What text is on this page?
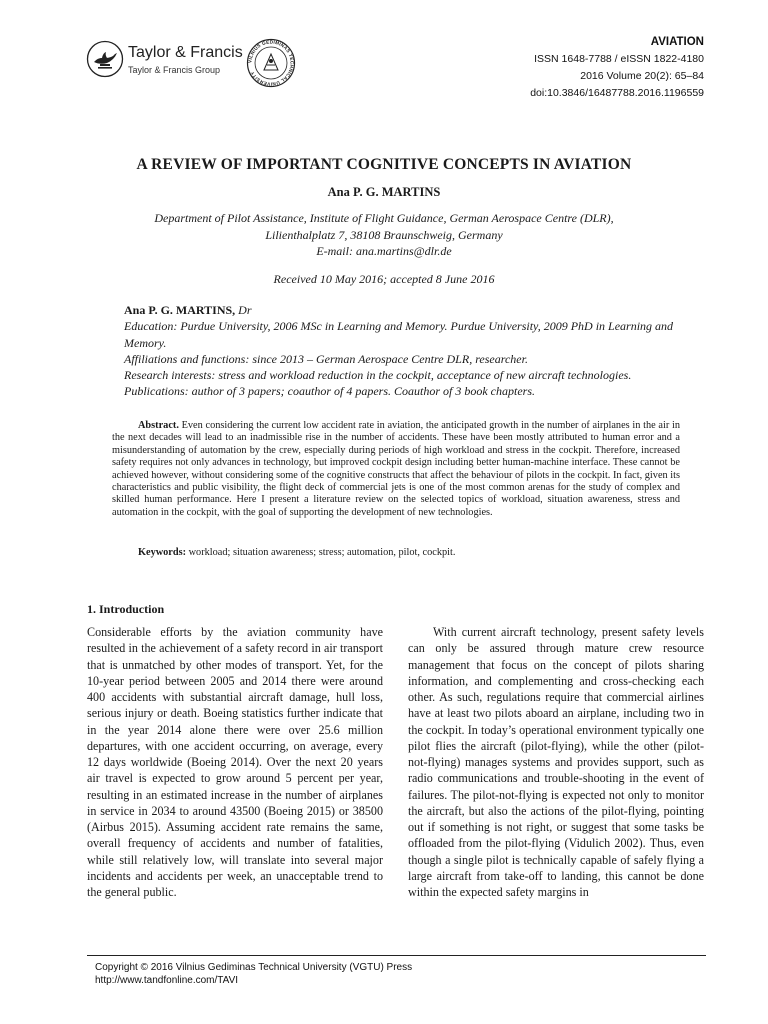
Taylor & Francis
Taylor & Francis Group
VILNIUS GEDIMINAS TECHNICAL UNIVERSITY
AVIATION
ISSN 1648-7788 / eISSN 1822-4180
2016 Volume 20(2): 65–84
doi:10.3846/16487788.2016.1196559
A REVIEW OF IMPORTANT COGNITIVE CONCEPTS IN AVIATION
Ana P. G. MARTINS
Department of Pilot Assistance, Institute of Flight Guidance, German Aerospace Centre (DLR),
Lilienthalplatz 7, 38108 Braunschweig, Germany
E-mail: ana.martins@dlr.de
Received 10 May 2016; accepted 8 June 2016
Ana P. G. MARTINS, Dr
Education: Purdue University, 2006 MSc in Learning and Memory. Purdue University, 2009 PhD in Learning and Memory.
Affiliations and functions: since 2013 – German Aerospace Centre DLR, researcher.
Research interests: stress and workload reduction in the cockpit, acceptance of new aircraft technologies.
Publications: author of 3 papers; coauthor of 4 papers. Coauthor of 3 book chapters.
Abstract. Even considering the current low accident rate in aviation, the anticipated growth in the number of airplanes in the air in the next decades will lead to an inadmissible rise in the number of accidents. These have been mostly attributed to human error and a misunderstanding of automation by the crew, especially during periods of high workload and stress in the cockpit. Therefore, increased safety requires not only advances in technology, but improved cockpit design including better human-machine interface. These cannot be achieved however, without considering some of the cognitive constructs that affect the behaviour of pilots in the cockpit. In fact, given its characteristics and public visibility, the flight deck of commercial jets is one of the most common arenas for the study of complex and skilled human performance. Here I present a literature review on the selected topics of workload, situation awareness, stress and automation in the cockpit, with the goal of supporting the development of new technologies.
Keywords: workload; situation awareness; stress; automation, pilot, cockpit.
1. Introduction
Considerable efforts by the aviation community have resulted in the achievement of a safety record in air transport that is unmatched by other modes of transport. Yet, for the 10-year period between 2005 and 2014 there were around 400 accidents with substantial aircraft damage, hull loss, serious injury or death. Boeing statistics further indicate that in the year 2014 alone there were over 25.6 million departures, with one accident occurring, on average, every 12 days worldwide (Boeing 2014). Over the next 20 years air travel is expected to grow around 5 percent per year, resulting in an estimated increase in the number of airplanes in service in 2034 to around 43500 (Boeing 2015) or 38500 (Airbus 2015). Assuming accident rate remains the same, overall frequency of accidents and number of fatalities, while still relatively low, will translate into several major incidents and accidents per week, an unacceptable trend to the general public.
With current aircraft technology, present safety levels can only be assured through mature crew resource management that focus on the concept of pilots sharing information, and complementing and cross-checking each other. As such, regulations require that commercial airlines have at least two pilots aboard an airplane, including two in the cockpit. In today’s operational environment typically one pilot flies the aircraft (pilot-flying), while the other (pilot-not-flying) manages systems and provides support, such as radio communications and trouble-shooting in the event of failures. The pilot-not-flying is expected not only to monitor the aircraft, but also the actions of the pilot-flying, pointing out if something is not right, or suggest that some tasks be offloaded from the pilot-flying (Vidulich 2002). Thus, even though a single pilot is technically capable of safely flying a large aircraft from take-off to landing, this cannot be done within the expected safety margins in
Copyright © 2016 Vilnius Gediminas Technical University (VGTU) Press
http://www.tandfonline.com/TAVI
